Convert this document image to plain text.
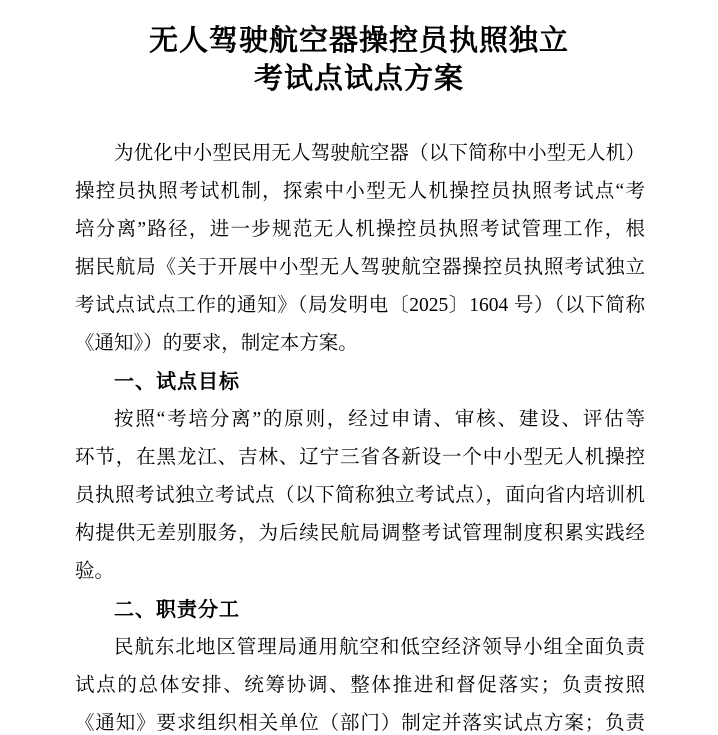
无人驾驶航空器操控员执照独立
考试点试点方案
为优化中小型民用无人驾驶航空器（以下简称中小型无人机）
操控员执照考试机制，探索中小型无人机操控员执照考试点“考
培分离”路径，进一步规范无人机操控员执照考试管理工作，根
据民航局《关于开展中小型无人驾驶航空器操控员执照考试独立
考试点试点工作的通知》（局发明电〔2025〕1604 号）（以下简称
《通知》）的要求，制定本方案。
一、试点目标
按照“考培分离”的原则，经过申请、审核、建设、评估等
环节，在黑龙江、吉林、辽宁三省各新设一个中小型无人机操控
员执照考试独立考试点（以下简称独立考试点），面向省内培训机
构提供无差别服务，为后续民航局调整考试管理制度积累实践经
验。
二、职责分工
民航东北地区管理局通用航空和低空经济领导小组全面负责
试点的总体安排、统筹协调、整体推进和督促落实；负责按照
《通知》要求组织相关单位（部门）制定并落实试点方案；负责
